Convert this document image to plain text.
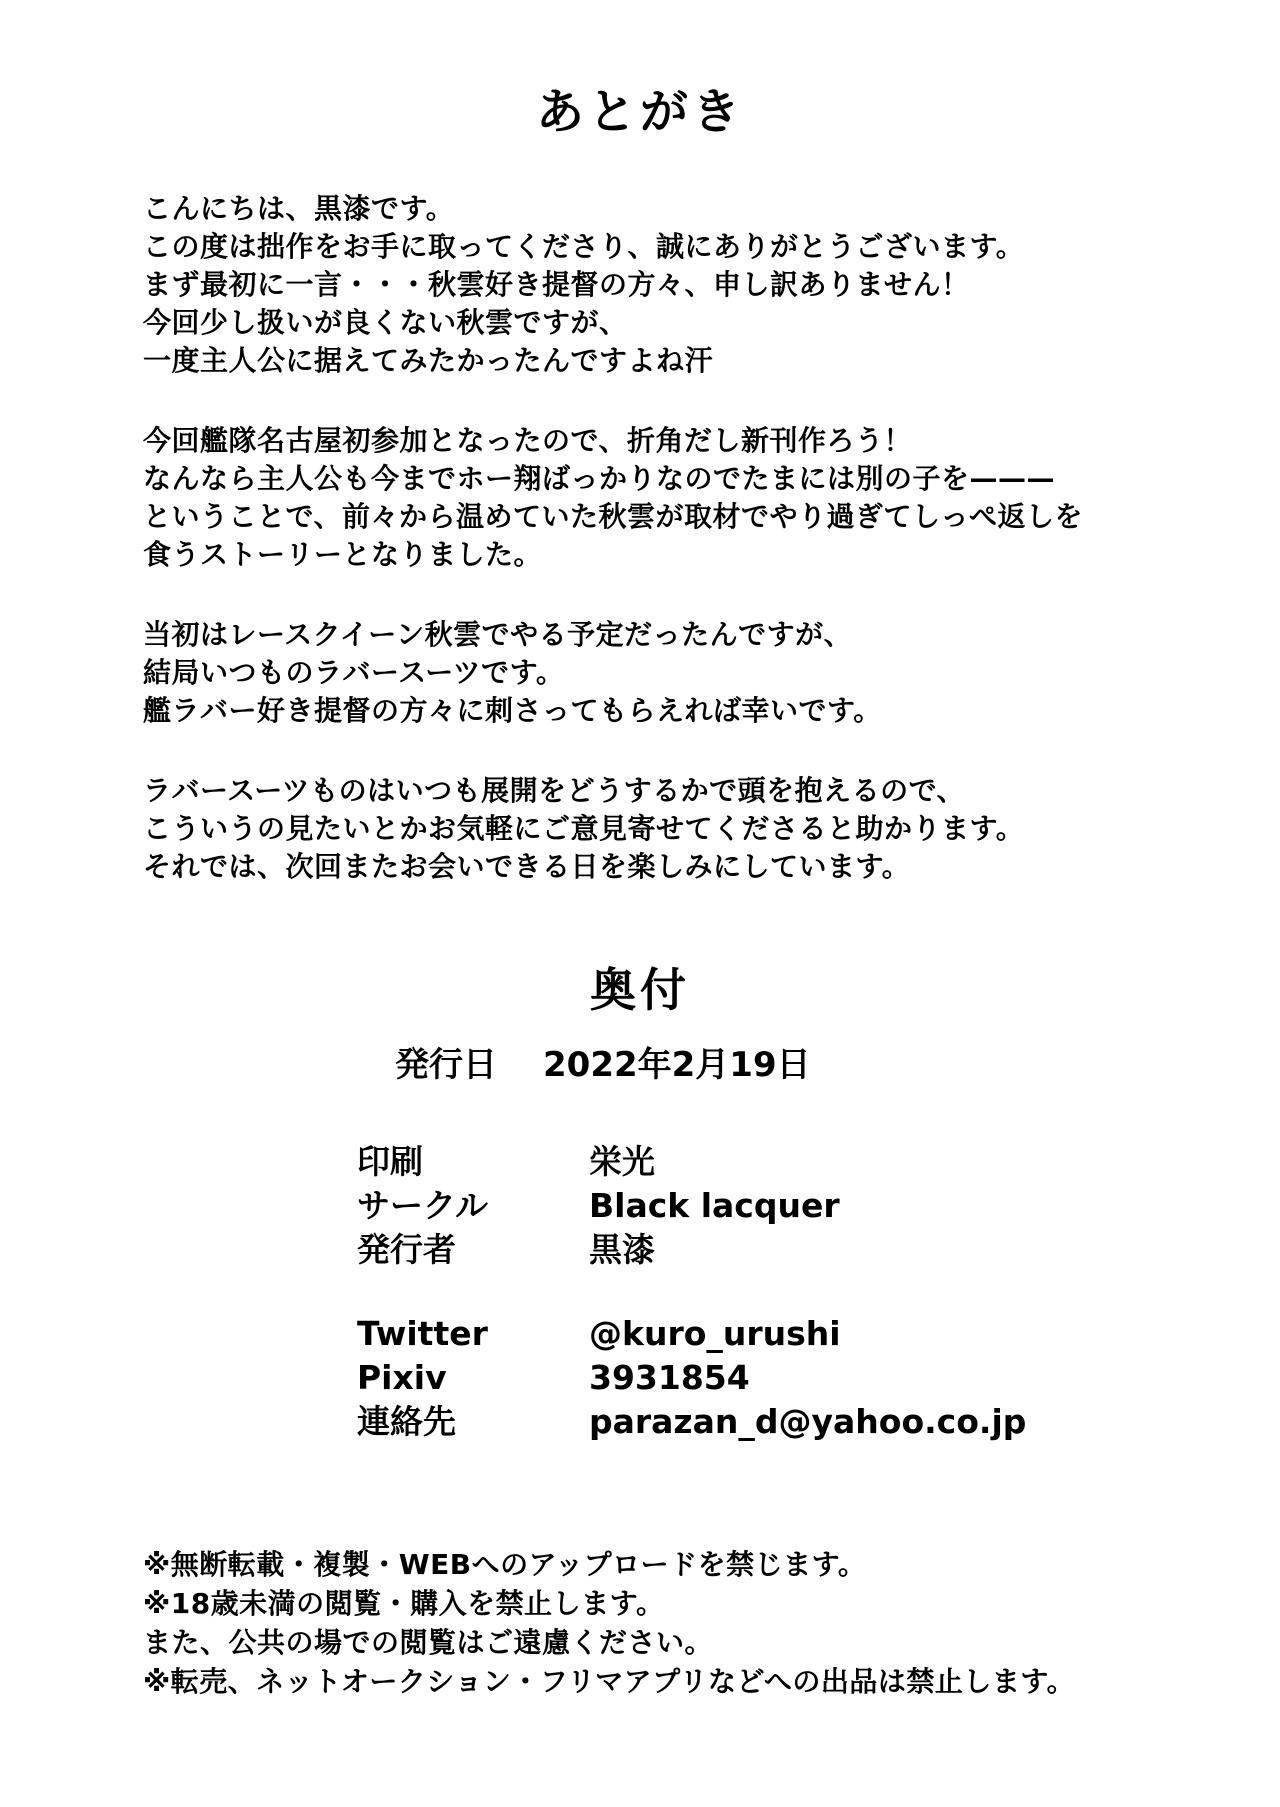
あとがき
こんにちは、黒漆です。
この度は拙作をお手に取ってくださり、誠にありがとうございます。
まず最初に一言・・・秋雲好き提督の方々、申し訳ありません！
今回少し扱いが良くない秋雲ですが、
一度主人公に据えてみたかったんですよね汗
今回艦隊名古屋初参加となったので、折角だし新刊作ろう！
なんなら主人公も今までホー翔ばっかりなのでたまには別の子を———
ということで、前々から温めていた秋雲が取材でやり過ぎてしっぺ返しを
食うストーリーとなりました。
当初はレースクイーン秋雲でやる予定だったんですが、
結局いつものラバースーツです。
艦ラバー好き提督の方々に刺さってもらえれば幸いです。
ラバースーツものはいつも展開をどうするかで頭を抱えるので、
こういうの見たいとかお気軽にご意見寄せてくださると助かります。
それでは、次回またお会いできる日を楽しみにしています。
奥付
発行日 2022年2月19日
印刷	栄光
サークル	Black lacquer
発行者	黒漆

Twitter	@kuro_urushi
Pixiv	3931854
連絡先	parazan_d@yahoo.co.jp
※無断転載・複製・WEBへのアップロードを禁じます。
※18歳未満の閲覧・購入を禁止します。
また、公共の場での閲覧はご遠慮ください。
※転売、ネットオークション・フリマアプリなどへの出品は禁止します。
